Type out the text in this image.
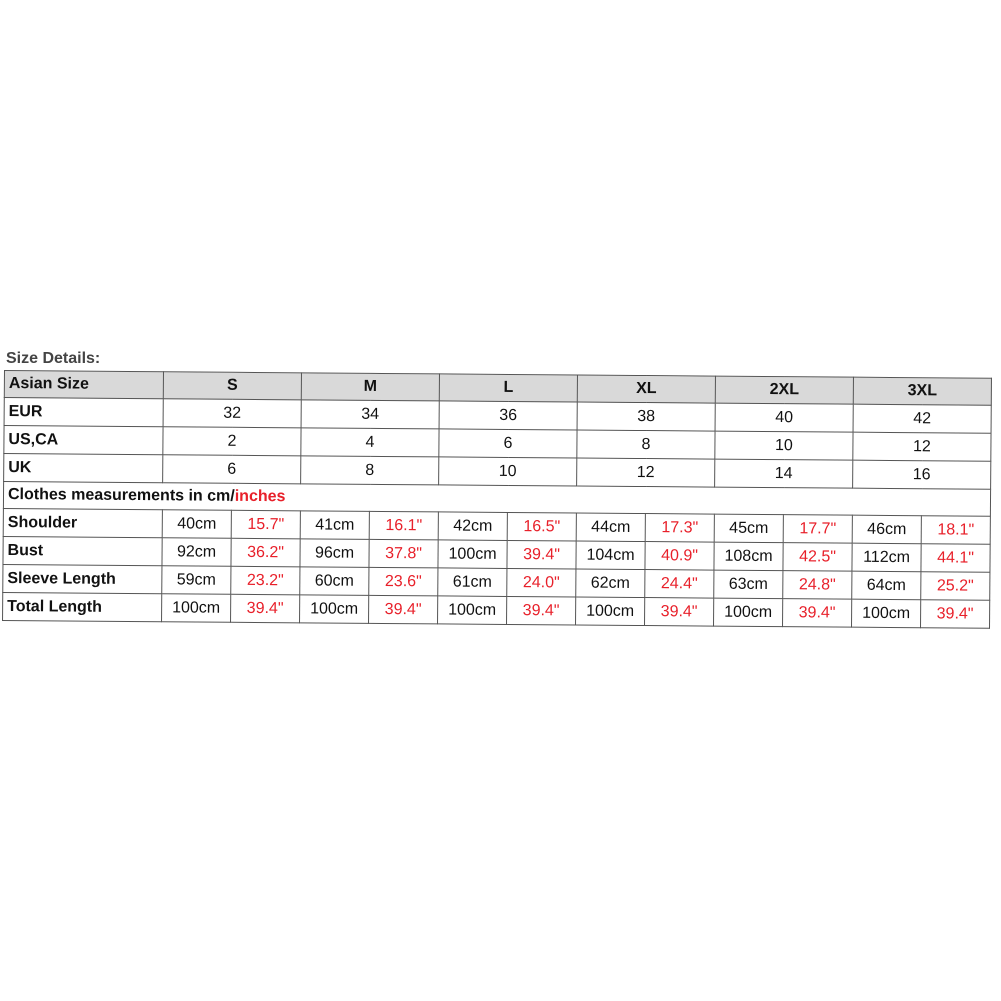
Size Details:
Asian Size	S		M		L		XL		2XL		3XL	
EUR	32		34		36		38		40		42	
US,CA	2		4		6		8		10		12	
UK	6		8		10		12		14		16	
Clothes measurements in cm/inches												
Shoulder	40cm	15.7"	41cm	16.1"	42cm	16.5"	44cm	17.3"	45cm	17.7"	46cm	18.1"
Bust	92cm	36.2"	96cm	37.8"	100cm	39.4"	104cm	40.9"	108cm	42.5"	112cm	44.1"
Sleeve Length	59cm	23.2"	60cm	23.6"	61cm	24.0"	62cm	24.4"	63cm	24.8"	64cm	25.2"
Total Length	100cm	39.4"	100cm	39.4"	100cm	39.4"	100cm	39.4"	100cm	39.4"	100cm	39.4"
